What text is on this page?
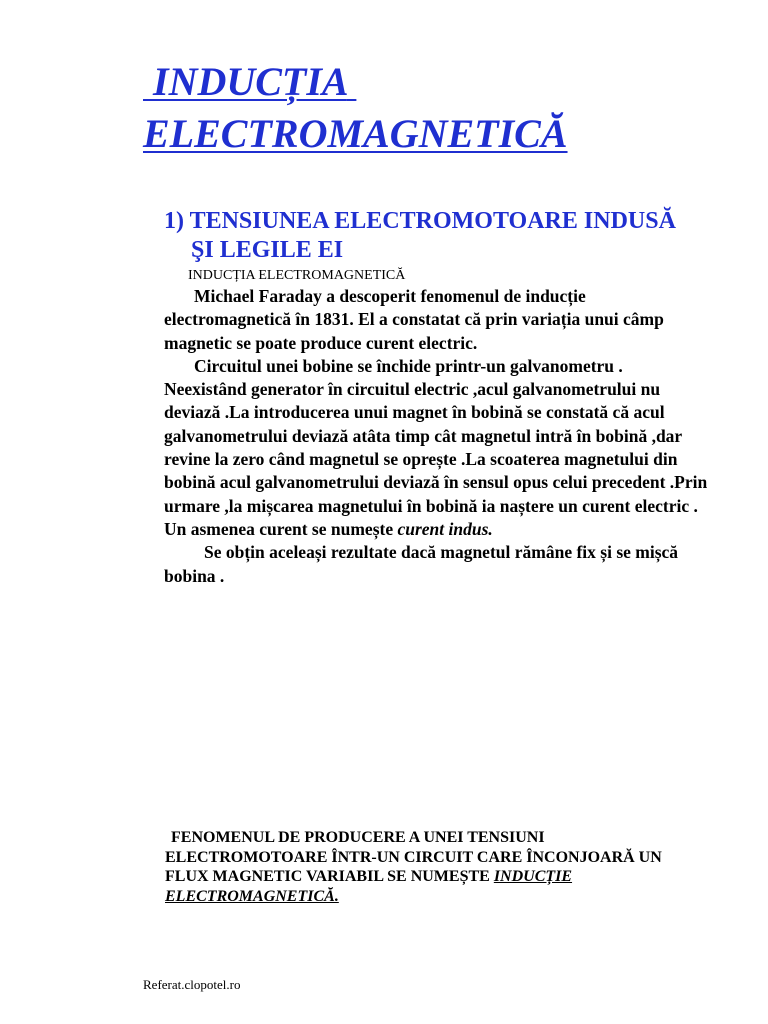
INDUCȚIA
ELECTROMAGNETICĂ
1) TENSIUNEA ELECTROMOTOARE INDUSĂ
ŞI LEGILE EI
INDUCȚIA ELECTROMAGNETICĂ

Michael Faraday a descoperit fenomenul de inducție electromagnetică în 1831. El a constatat că prin variația unui câmp magnetic se poate produce curent electric.

Circuitul unei bobine se închide printr-un galvanometru . Neexistând generator în circuitul electric ,acul galvanometrului nu deviază .La introducerea unui magnet în bobină se constată că acul galvanometrului deviază atâta timp cât magnetul intră în bobină ,dar revine la zero când magnetul se oprește .La scoaterea magnetului din bobină acul galvanometrului deviază în sensul opus celui precedent .Prin urmare ,la mișcarea magnetului în bobină ia naștere un curent electric . Un asmenea curent se numește curent indus.

Se obțin aceleași rezultate dacă magnetul rămâne fix și se mișcă bobina .

FENOMENUL DE PRODUCERE A UNEI TENSIUNI ELECTROMOTOARE ÎNTR-UN CIRCUIT CARE ÎNCONJOARĂ UN FLUX MAGNETIC VARIABIL SE NUMEȘTE INDUCȚIE ELECTROMAGNETICĂ.
Referat.clopotel.ro
